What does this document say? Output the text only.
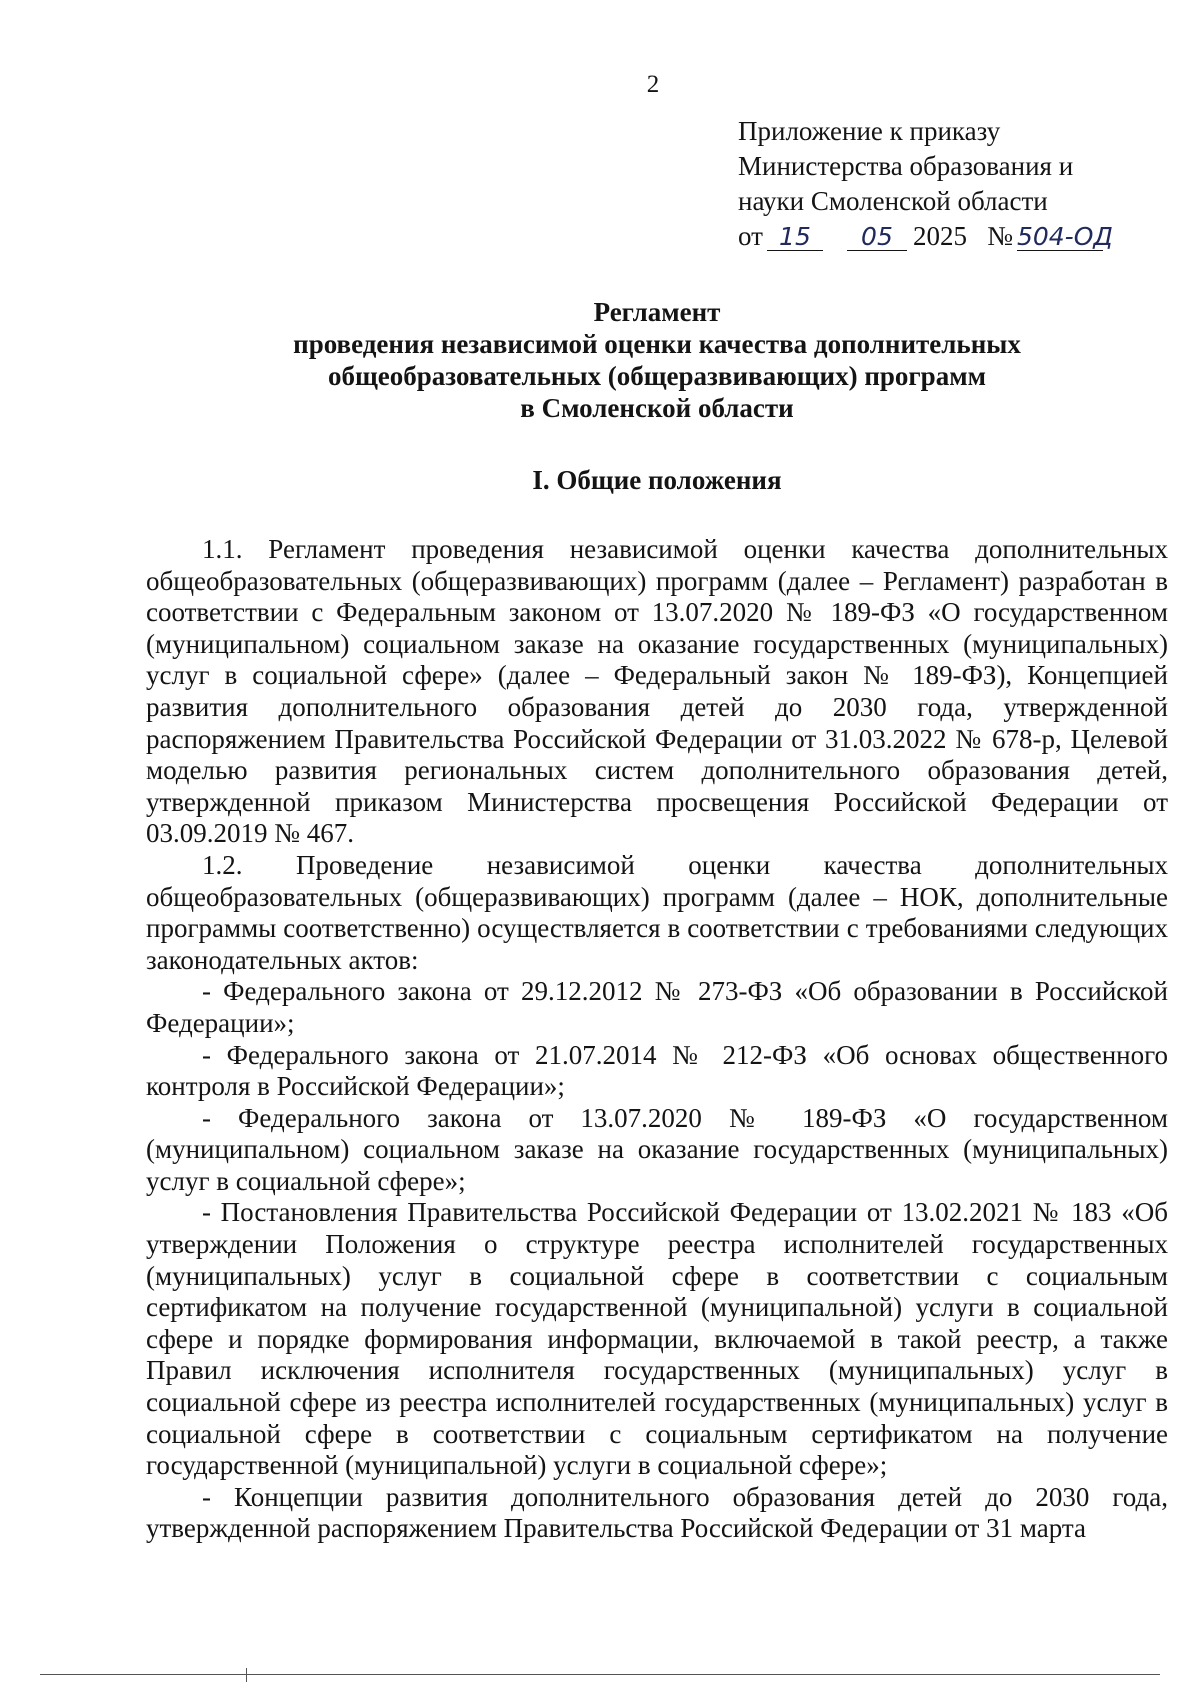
2
Приложение к приказу
Министерства образования и
науки Смоленской области
от 15 05 2025 № 504-ОД
Регламент
проведения независимой оценки качества дополнительных
общеобразовательных (общеразвивающих) программ
в Смоленской области
I. Общие положения

1.1. Регламент проведения независимой оценки качества дополнительных общеобразовательных (общеразвивающих) программ (далее – Регламент) разработан в соответствии с Федеральным законом от 13.07.2020 № 189-ФЗ «О государственном (муниципальном) социальном заказе на оказание государственных (муниципальных) услуг в социальной сфере» (далее – Федеральный закон № 189-ФЗ), Концепцией развития дополнительного образования детей до 2030 года, утвержденной распоряжением Правительства Российской Федерации от 31.03.2022 № 678-р, Целевой моделью развития региональных систем дополнительного образования детей, утвержденной приказом Министерства просвещения Российской Федерации от 03.09.2019 № 467.

1.2. Проведение независимой оценки качества дополнительных общеобразовательных (общеразвивающих) программ (далее – НОК, дополнительные программы соответственно) осуществляется в соответствии с требованиями следующих законодательных актов:

- Федерального закона от 29.12.2012 № 273-ФЗ «Об образовании в Российской Федерации»;

- Федерального закона от 21.07.2014 № 212-ФЗ «Об основах общественного контроля в Российской Федерации»;

- Федерального закона от 13.07.2020 № 189-ФЗ «О государственном (муниципальном) социальном заказе на оказание государственных (муниципальных) услуг в социальной сфере»;

- Постановления Правительства Российской Федерации от 13.02.2021 № 183 «Об утверждении Положения о структуре реестра исполнителей государственных (муниципальных) услуг в социальной сфере в соответствии с социальным сертификатом на получение государственной (муниципальной) услуги в социальной сфере и порядке формирования информации, включаемой в такой реестр, а также Правил исключения исполнителя государственных (муниципальных) услуг в социальной сфере из реестра исполнителей государственных (муниципальных) услуг в социальной сфере в соответствии с социальным сертификатом на получение государственной (муниципальной) услуги в социальной сфере»;

- Концепции развития дополнительного образования детей до 2030 года, утвержденной распоряжением Правительства Российской Федерации от 31 марта
